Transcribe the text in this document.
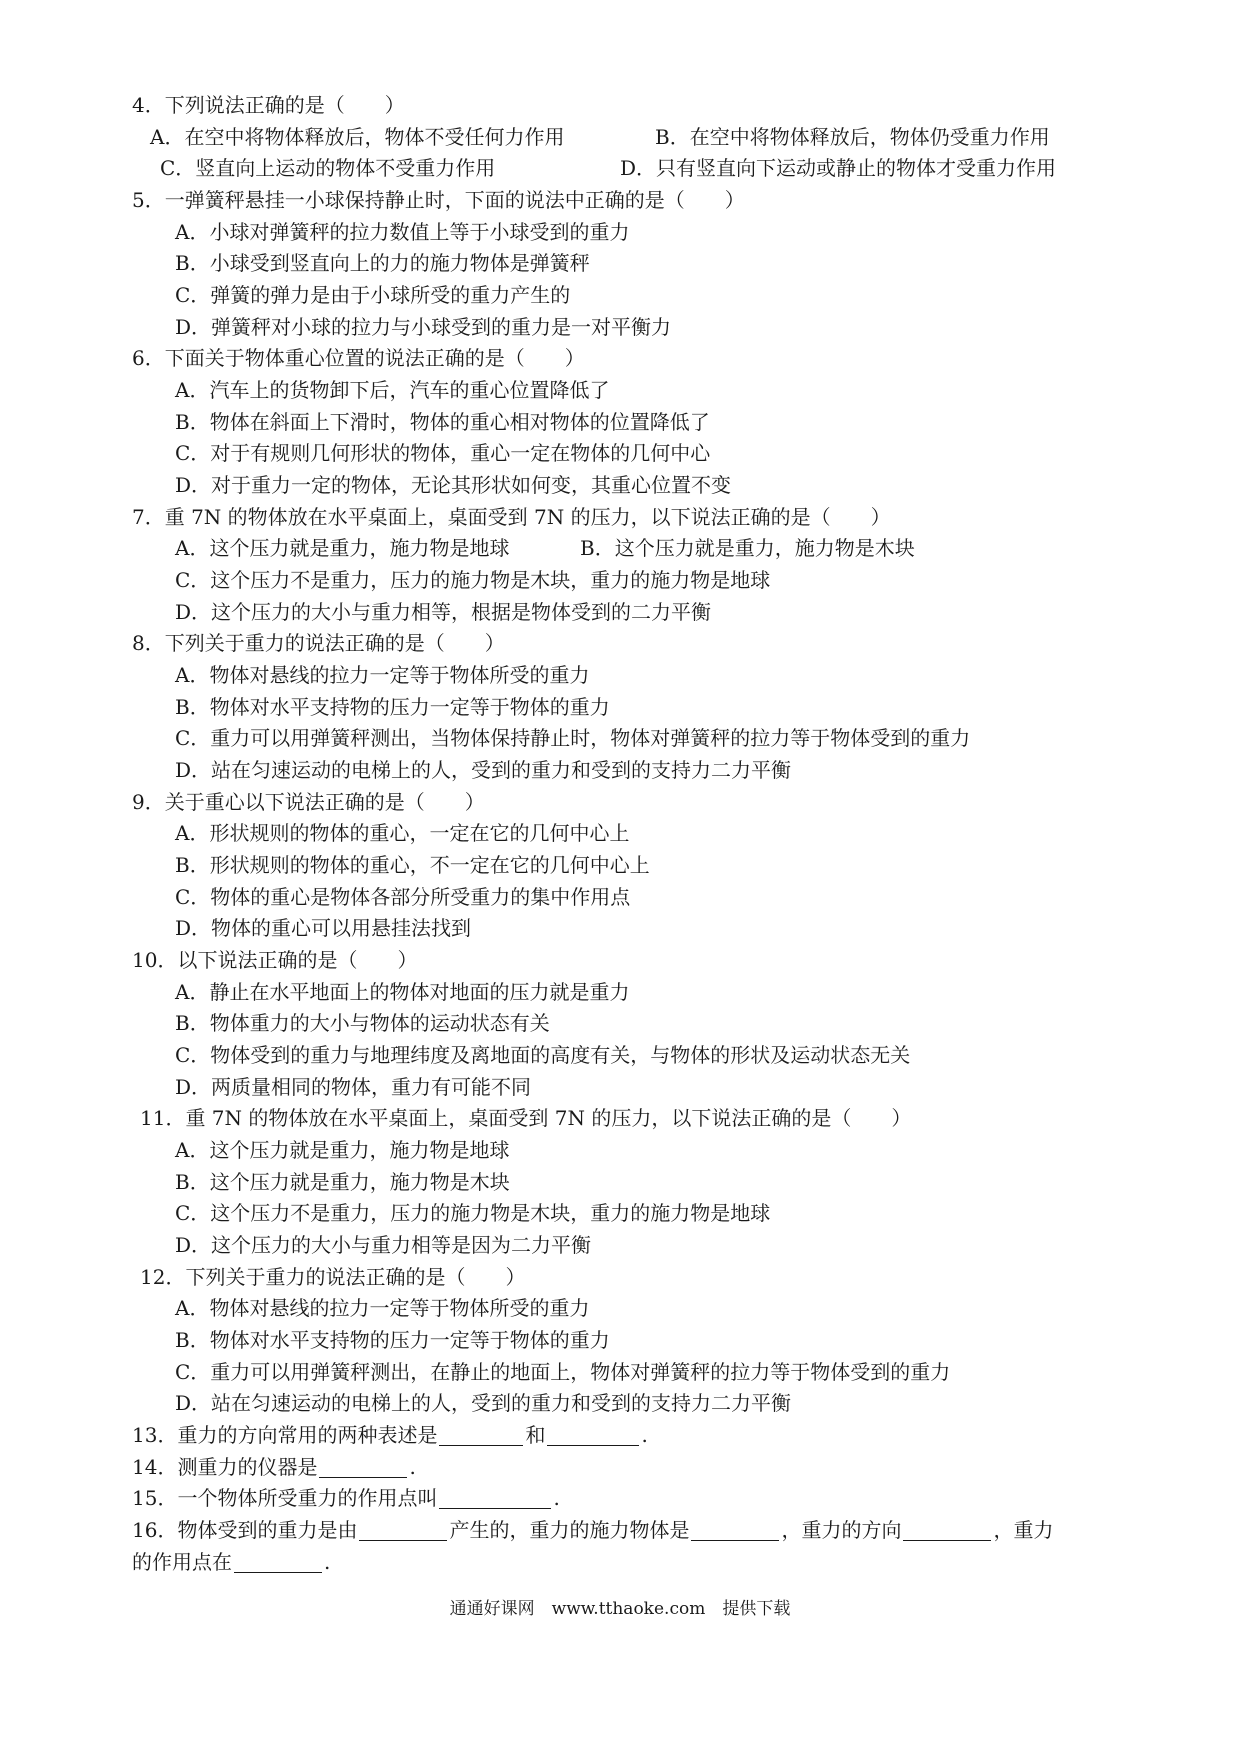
4．下列说法正确的是（　　）
A．在空中将物体释放后，物体不受任何力作用	B．在空中将物体释放后，物体仍受重力作用
C．竖直向上运动的物体不受重力作用	D．只有竖直向下运动或静止的物体才受重力作用
5．一弹簧秤悬挂一小球保持静止时，下面的说法中正确的是（　　）
A．小球对弹簧秤的拉力数值上等于小球受到的重力
B．小球受到竖直向上的力的施力物体是弹簧秤
C．弹簧的弹力是由于小球所受的重力产生的
D．弹簧秤对小球的拉力与小球受到的重力是一对平衡力
6．下面关于物体重心位置的说法正确的是（　　）
A．汽车上的货物卸下后，汽车的重心位置降低了
B．物体在斜面上下滑时，物体的重心相对物体的位置降低了
C．对于有规则几何形状的物体，重心一定在物体的几何中心
D．对于重力一定的物体，无论其形状如何变，其重心位置不变
7．重 7N 的物体放在水平桌面上，桌面受到 7N 的压力，以下说法正确的是（　　）
A．这个压力就是重力，施力物是地球	B．这个压力就是重力，施力物是木块
C．这个压力不是重力，压力的施力物是木块，重力的施力物是地球
D．这个压力的大小与重力相等，根据是物体受到的二力平衡
8．下列关于重力的说法正确的是（　　）
A．物体对悬线的拉力一定等于物体所受的重力
B．物体对水平支持物的压力一定等于物体的重力
C．重力可以用弹簧秤测出，当物体保持静止时，物体对弹簧秤的拉力等于物体受到的重力
D．站在匀速运动的电梯上的人，受到的重力和受到的支持力二力平衡
9．关于重心以下说法正确的是（　　）
A．形状规则的物体的重心，一定在它的几何中心上
B．形状规则的物体的重心，不一定在它的几何中心上
C．物体的重心是物体各部分所受重力的集中作用点
D．物体的重心可以用悬挂法找到
10．以下说法正确的是（　　）
A．静止在水平地面上的物体对地面的压力就是重力
B．物体重力的大小与物体的运动状态有关
C．物体受到的重力与地理纬度及离地面的高度有关，与物体的形状及运动状态无关
D．两质量相同的物体，重力有可能不同
11．重 7N 的物体放在水平桌面上，桌面受到 7N 的压力，以下说法正确的是（　　）
A．这个压力就是重力，施力物是地球
B．这个压力就是重力，施力物是木块
C．这个压力不是重力，压力的施力物是木块，重力的施力物是地球
D．这个压力的大小与重力相等是因为二力平衡
12．下列关于重力的说法正确的是（　　）
A．物体对悬线的拉力一定等于物体所受的重力
B．物体对水平支持物的压力一定等于物体的重力
C．重力可以用弹簧秤测出，在静止的地面上，物体对弹簧秤的拉力等于物体受到的重力
D．站在匀速运动的电梯上的人，受到的重力和受到的支持力二力平衡
13．重力的方向常用的两种表述是	和	.
14．测重力的仪器是	.
15．一个物体所受重力的作用点叫	.
16．物体受到的重力是由	产生的，重力的施力物体是	，重力的方向	，重力
的作用点在	.
通通好课网　www.tthaoke.com　提供下载
